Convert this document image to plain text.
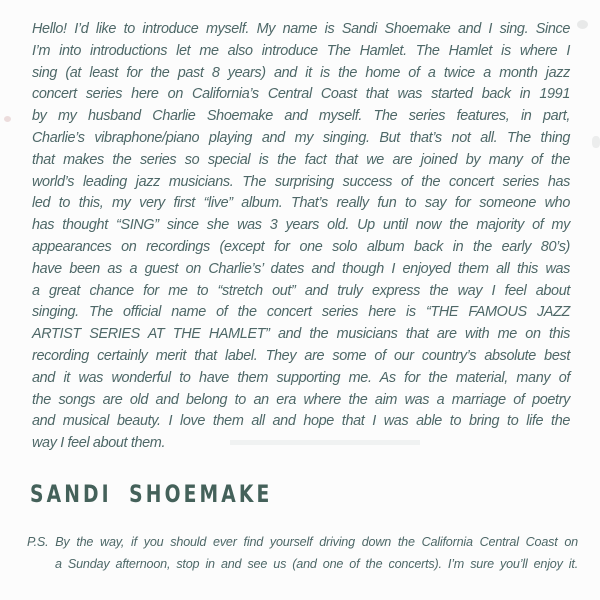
Hello! I’d like to introduce myself. My name is Sandi Shoemake and I sing. Since
I’m into introductions let me also introduce The Hamlet. The Hamlet is where I
sing (at least for the past 8 years) and it is the home of a twice a month jazz
concert series here on California’s Central Coast that was started back in 1991
by my husband Charlie Shoemake and myself. The series features, in part,
Charlie’s vibraphone/piano playing and my singing. But that’s not all. The thing
that makes the series so special is the fact that we are joined by many of the
world’s leading jazz musicians. The surprising success of the concert series has
led to this, my very first “live” album. That’s really fun to say for someone who
has thought “SING” since she was 3 years old. Up until now the majority of my
appearances on recordings (except for one solo album back in the early 80’s)
have been as a guest on Charlie’s’ dates and though I enjoyed them all this was
a great chance for me to “stretch out” and truly express the way I feel about
singing. The official name of the concert series here is “THE FAMOUS JAZZ
ARTIST SERIES AT THE HAMLET” and the musicians that are with me on this
recording certainly merit that label. They are some of our country’s absolute best
and it was wonderful to have them supporting me. As for the material, many of
the songs are old and belong to an era where the aim was a marriage of poetry
and musical beauty. I love them all and hope that I was able to bring to life the
way I feel about them.
SANDI SHOEMAKE
P.S. By the way, if you should ever find yourself driving down the California Central Coast on
a Sunday afternoon, stop in and see us (and one of the concerts). I’m sure you’ll enjoy it.
